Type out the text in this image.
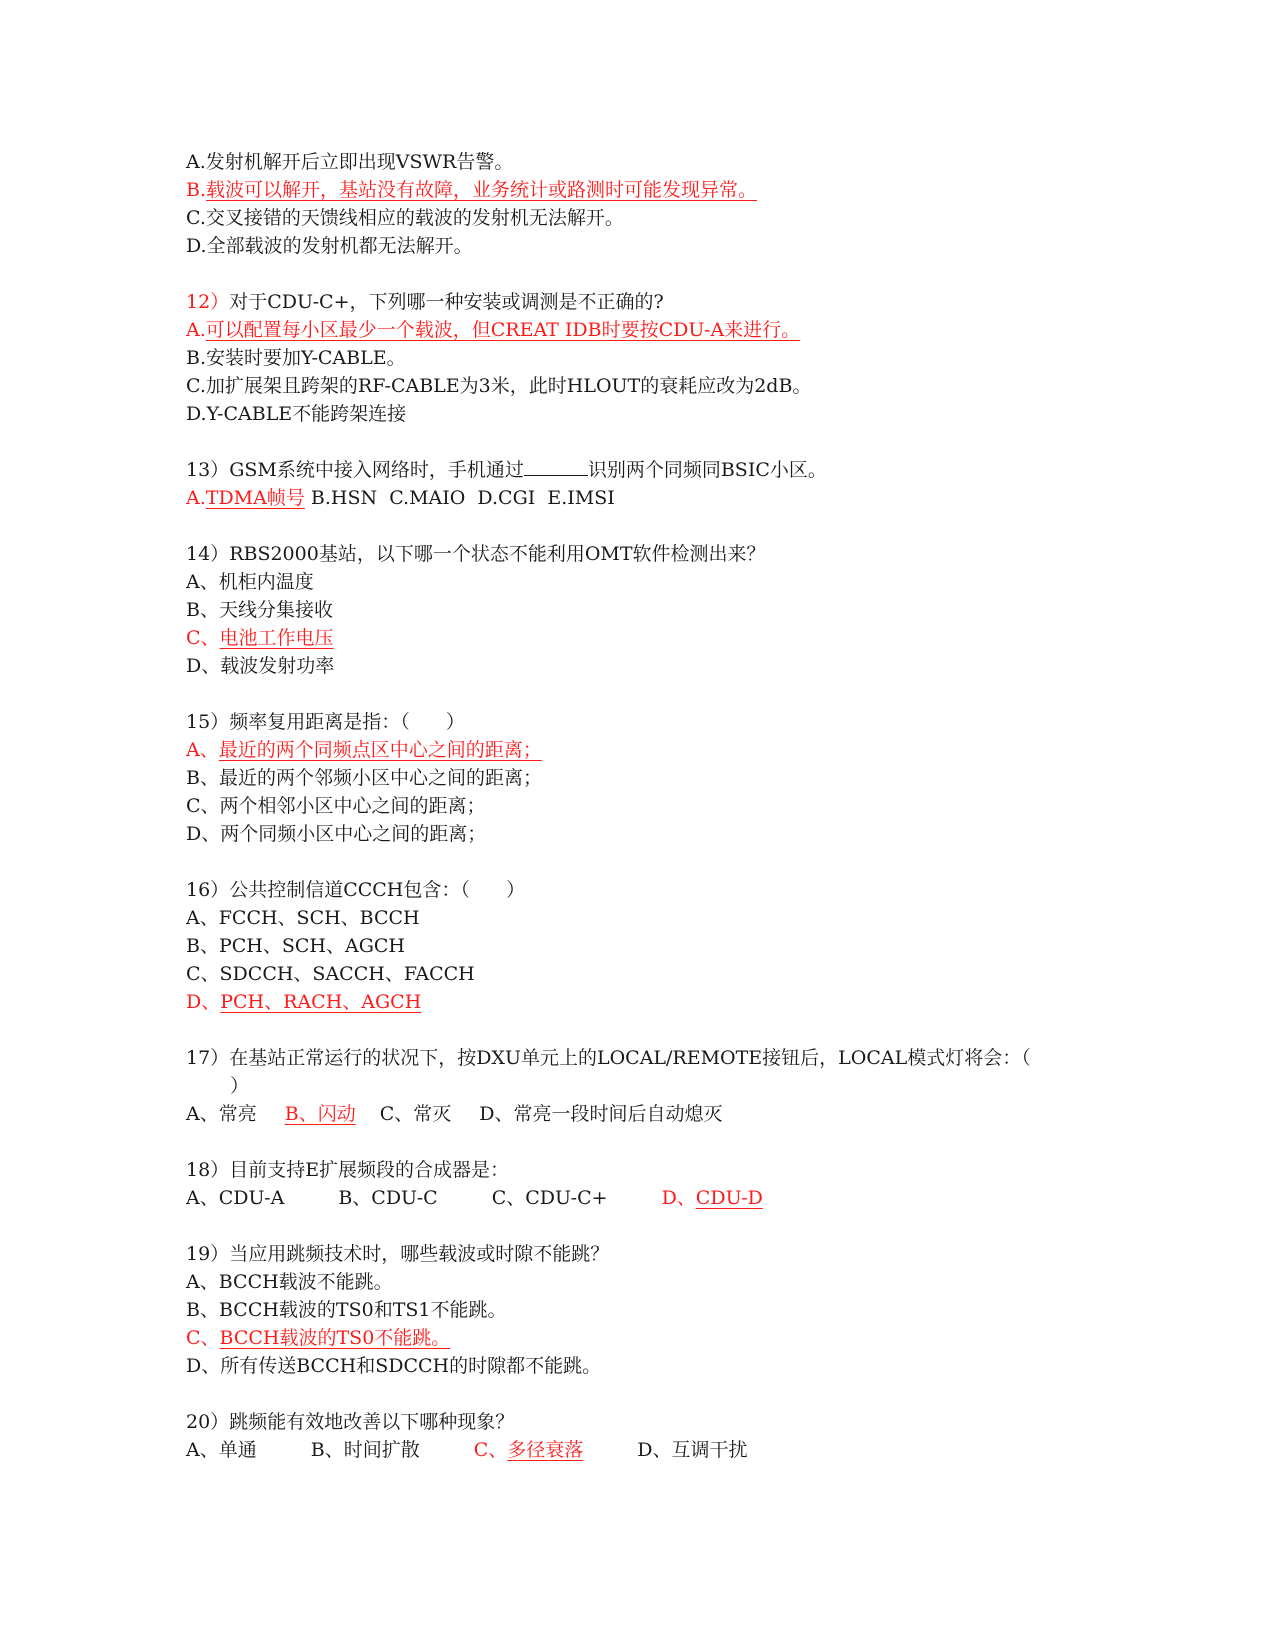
A.发射机解开后立即出现VSWR告警。
B.载波可以解开，基站没有故障，业务统计或路测时可能发现异常。
C.交叉接错的天馈线相应的载波的发射机无法解开。
D.全部载波的发射机都无法解开。
12）对于CDU-C+，下列哪一种安装或调测是不正确的?
A.可以配置每小区最少一个载波，但CREAT IDB时要按CDU-A来进行。
B.安装时要加Y-CABLE。
C.加扩展架且跨架的RF-CABLE为3米，此时HLOUT的衰耗应改为2dB。
D.Y-CABLE不能跨架连接
13）GSM系统中接入网络时，手机通过	识别两个同频同BSIC小区。
A.TDMA帧号 B.HSN  C.MAIO  D.CGI  E.IMSI
14）RBS2000基站，以下哪一个状态不能利用OMT软件检测出来？
A、机柜内温度
B、天线分集接收
C、电池工作电压
D、载波发射功率
15）频率复用距离是指：（      ）
A、最近的两个同频点区中心之间的距离；
B、最近的两个邻频小区中心之间的距离；
C、两个相邻小区中心之间的距离；
D、两个同频小区中心之间的距离；
16）公共控制信道CCCH包含：（      ）
A、FCCH、SCH、BCCH
B、PCH、SCH、AGCH
C、SDCCH、SACCH、FACCH
D、PCH、RACH、AGCH
17）在基站正常运行的状况下，按DXU单元上的LOCAL/REMOTE接钮后，LOCAL模式灯将会：（
）
A、常亮 B、闪动 C、常灭 D、常亮一段时间后自动熄灭
18）目前支持E扩展频段的合成器是：
A、CDU-A	B、CDU-C	C、CDU-C+	D、CDU-D
19）当应用跳频技术时，哪些载波或时隙不能跳？
A、BCCH载波不能跳。
B、BCCH载波的TS0和TS1不能跳。
C、BCCH载波的TS0不能跳。
D、所有传送BCCH和SDCCH的时隙都不能跳。
20）跳频能有效地改善以下哪种现象？
A、单通	B、时间扩散	C、多径衰落	D、互调干扰
